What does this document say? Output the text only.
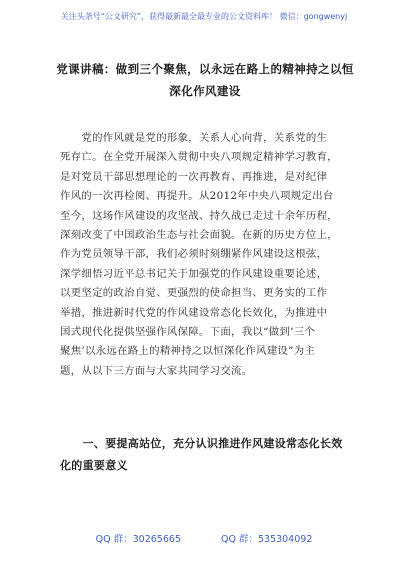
关注头条号“公文研究”，获得最新最全最专业的公文资料库！ 微信：gongwenyj
党课讲稿：做到三个聚焦，以永远在路上的精神持之以恒
深化作风建设
　　党的作风就是党的形象，关系人心向背，关系党的生
死存亡。在全党开展深入贯彻中央八项规定精神学习教育，
是对党员干部思想理论的一次再教育、再推进，是对纪律
作风的一次再检阅、再提升。从2012年中央八项规定出台
至今，这场作风建设的攻坚战、持久战已走过十余年历程，
深刻改变了中国政治生态与社会面貌。在新的历史方位上，
作为党员领导干部，我们必须时刻绷紧作风建设这根弦，
深学细悟习近平总书记关于加强党的作风建设重要论述，
以更坚定的政治自觉、更强烈的使命担当、更务实的工作
举措，推进新时代党的作风建设常态化长效化，为推进中
国式现代化提供坚强作风保障。下面，我以“做到‘三个
聚焦’以永远在路上的精神持之以恒深化作风建设”为主
题，从以下三方面与大家共同学习交流。
　　一、要提高站位，充分认识推进作风建设常态化长效
化的重要意义
QQ 群：30265665	QQ 群：535304092
